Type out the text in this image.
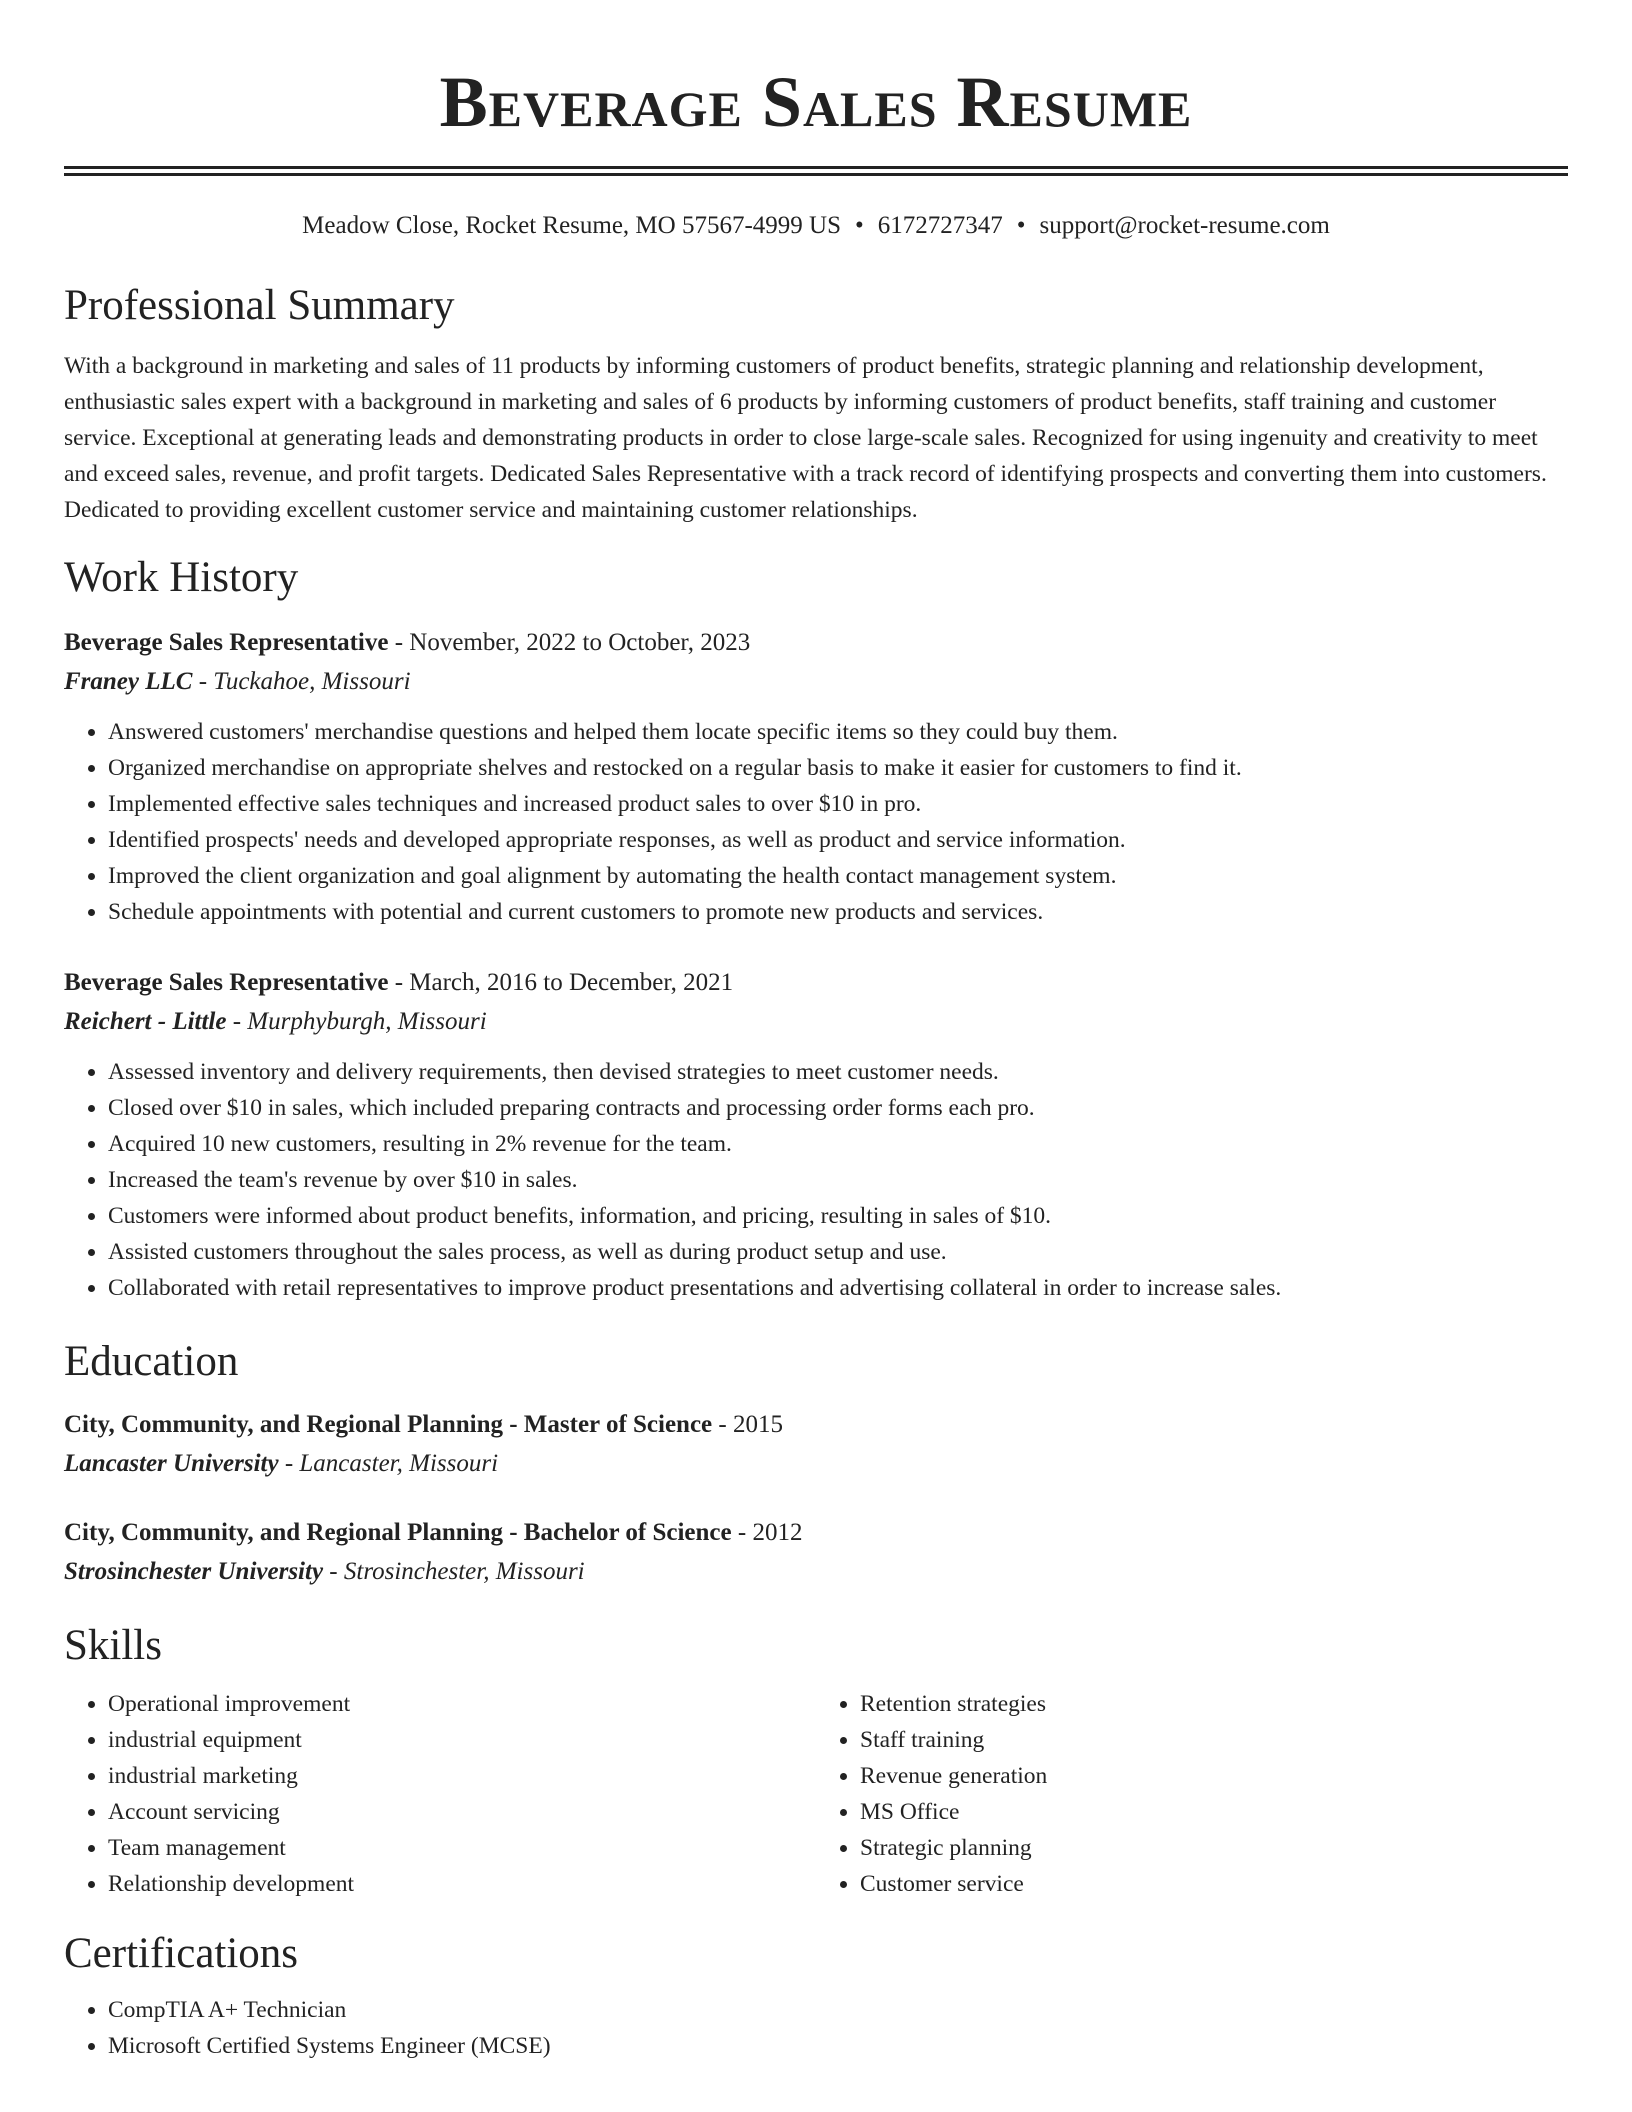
Beverage Sales Resume
Meadow Close, Rocket Resume, MO 57567-4999 US • 6172727347 • support@rocket-resume.com
Professional Summary
With a background in marketing and sales of 11 products by informing customers of product benefits, strategic planning and relationship development, enthusiastic sales expert with a background in marketing and sales of 6 products by informing customers of product benefits, staff training and customer service. Exceptional at generating leads and demonstrating products in order to close large-scale sales. Recognized for using ingenuity and creativity to meet and exceed sales, revenue, and profit targets. Dedicated Sales Representative with a track record of identifying prospects and converting them into customers. Dedicated to providing excellent customer service and maintaining customer relationships.
Work History
Beverage Sales Representative - November, 2022 to October, 2023
Franey LLC - Tuckahoe, Missouri
• Answered customers' merchandise questions and helped them locate specific items so they could buy them.
• Organized merchandise on appropriate shelves and restocked on a regular basis to make it easier for customers to find it.
• Implemented effective sales techniques and increased product sales to over $10 in pro.
• Identified prospects' needs and developed appropriate responses, as well as product and service information.
• Improved the client organization and goal alignment by automating the health contact management system.
• Schedule appointments with potential and current customers to promote new products and services.
Beverage Sales Representative - March, 2016 to December, 2021
Reichert - Little - Murphyburgh, Missouri
• Assessed inventory and delivery requirements, then devised strategies to meet customer needs.
• Closed over $10 in sales, which included preparing contracts and processing order forms each pro.
• Acquired 10 new customers, resulting in 2% revenue for the team.
• Increased the team's revenue by over $10 in sales.
• Customers were informed about product benefits, information, and pricing, resulting in sales of $10.
• Assisted customers throughout the sales process, as well as during product setup and use.
• Collaborated with retail representatives to improve product presentations and advertising collateral in order to increase sales.
Education
City, Community, and Regional Planning - Master of Science - 2015
Lancaster University - Lancaster, Missouri
City, Community, and Regional Planning - Bachelor of Science - 2012
Strosinchester University - Strosinchester, Missouri
Skills
• Operational improvement
• industrial equipment
• industrial marketing
• Account servicing
• Team management
• Relationship development
• Retention strategies
• Staff training
• Revenue generation
• MS Office
• Strategic planning
• Customer service
Certifications
• CompTIA A+ Technician
• Microsoft Certified Systems Engineer (MCSE)
